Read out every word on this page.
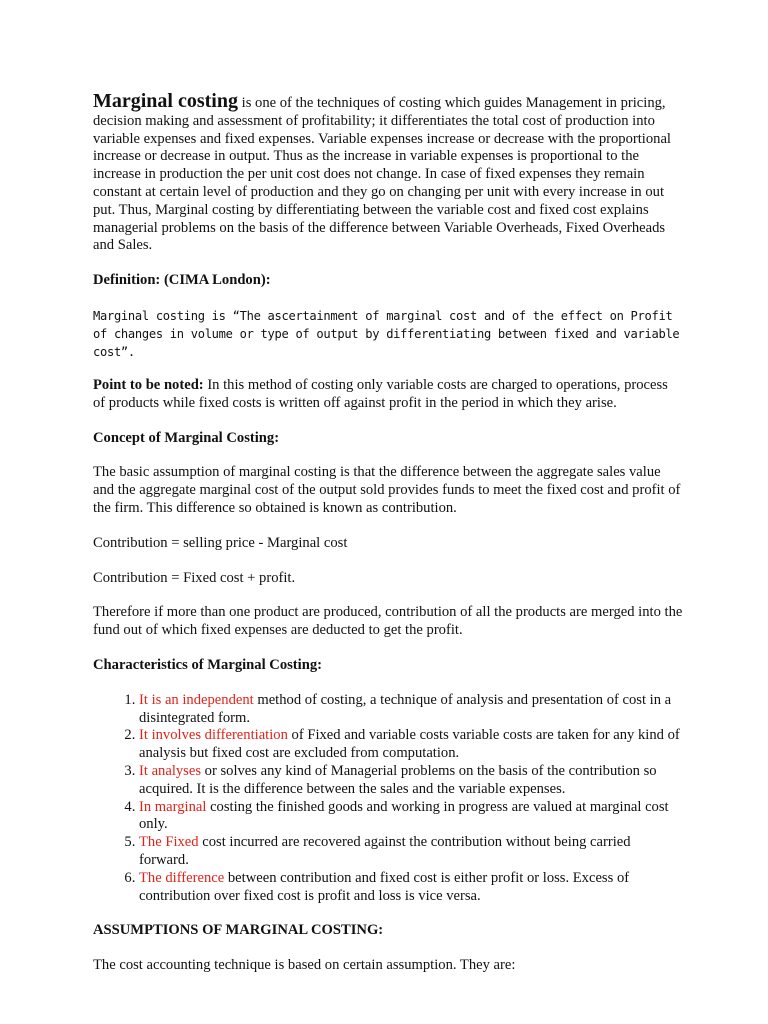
Marginal costing is one of the techniques of costing which guides Management in pricing, decision making and assessment of profitability; it differentiates the total cost of production into variable expenses and fixed expenses. Variable expenses increase or decrease with the proportional increase or decrease in output. Thus as the increase in variable expenses is proportional to the increase in production the per unit cost does not change. In case of fixed expenses they remain constant at certain level of production and they go on changing per unit with every increase in out put. Thus, Marginal costing by differentiating between the variable cost and fixed cost explains managerial problems on the basis of the difference between Variable Overheads, Fixed Overheads and Sales.

Definition: (CIMA London):

Marginal costing is “The ascertainment of marginal cost and of the effect on Profit of changes in volume or type of output by differentiating between fixed and variable cost”.

Point to be noted: In this method of costing only variable costs are charged to operations, process of products while fixed costs is written off against profit in the period in which they arise.

Concept of Marginal Costing:

The basic assumption of marginal costing is that the difference between the aggregate sales value and the aggregate marginal cost of the output sold provides funds to meet the fixed cost and profit of the firm. This difference so obtained is known as contribution.

Contribution = selling price - Marginal cost

Contribution = Fixed cost + profit.

Therefore if more than one product are produced, contribution of all the products are merged into the fund out of which fixed expenses are deducted to get the profit.

Characteristics of Marginal Costing:

1. It is an independent method of costing, a technique of analysis and presentation of cost in a disintegrated form.
2. It involves differentiation of Fixed and variable costs variable costs are taken for any kind of analysis but fixed cost are excluded from computation.
3. It analyses or solves any kind of Managerial problems on the basis of the contribution so acquired. It is the difference between the sales and the variable expenses.
4. In marginal costing the finished goods and working in progress are valued at marginal cost only.
5. The Fixed cost incurred are recovered against the contribution without being carried forward.
6. The difference between contribution and fixed cost is either profit or loss. Excess of contribution over fixed cost is profit and loss is vice versa.

ASSUMPTIONS OF MARGINAL COSTING:

The cost accounting technique is based on certain assumption. They are:
